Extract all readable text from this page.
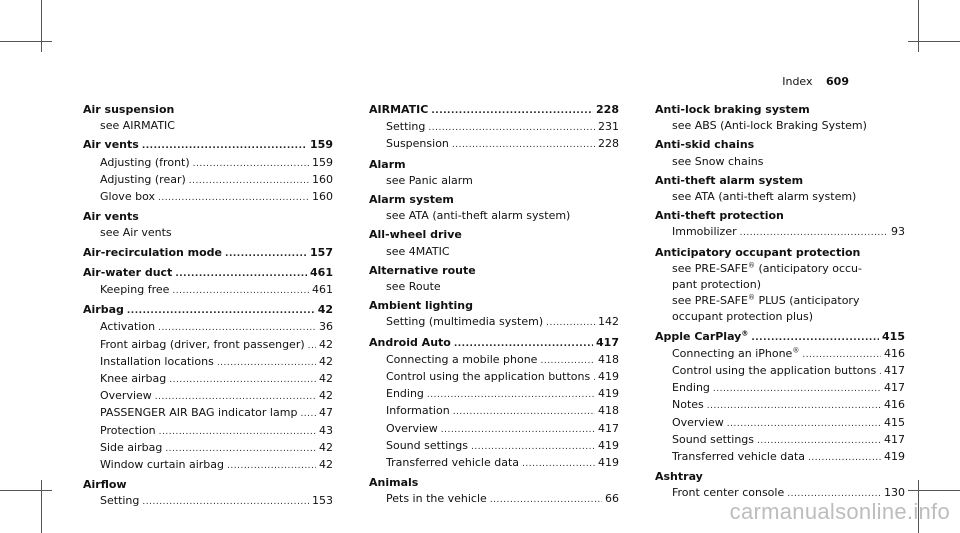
Index 609
Air suspension
see AIRMATIC
Air vents .....	159
Adjusting (front) .....	159
Adjusting (rear) .....	160
Glove box .....	160
Air vents
see Air vents
Air-recirculation mode .....	157
Air-water duct .....	461
Keeping free .....	461
Airbag .....	42
Activation .....	36
Front airbag (driver, front passenger) ..... 42
Installation locations .....	42
Knee airbag .....	42
Overview .....	42
PASSENGER AIR BAG indicator lamp ..... 47
Protection .....	43
Side airbag .....	42
Window curtain airbag .....	42
Airflow
Setting .....	153
AIRMATIC .....	228
Setting .....	231
Suspension .....	228
Alarm
see Panic alarm
Alarm system
see ATA (anti-theft alarm system)
All-wheel drive
see 4MATIC
Alternative route
see Route
Ambient lighting
Setting (multimedia system) .....	142
Android Auto .....	417
Connecting a mobile phone .....	418
Control using the application buttons ..... 419
Ending .....	419
Information .....	418
Overview .....	417
Sound settings .....	419
Transferred vehicle data .....	419
Animals
Pets in the vehicle .....	66
Anti-lock braking system
see ABS (Anti-lock Braking System)
Anti-skid chains
see Snow chains
Anti-theft alarm system
see ATA (anti-theft alarm system)
Anti-theft protection
Immobilizer .....	93
Anticipatory occupant protection
see PRE-SAFE® (anticipatory occu-
pant protection)
see PRE-SAFE® PLUS (anticipatory
occupant protection plus)
Apple CarPlay® .....	415
Connecting an iPhone® .....	416
Control using the application buttons ..... 417
Ending .....	417
Notes .....	416
Overview .....	415
Sound settings .....	417
Transferred vehicle data .....	419
Ashtray
Front center console .....	130
carmanualsonline.info
